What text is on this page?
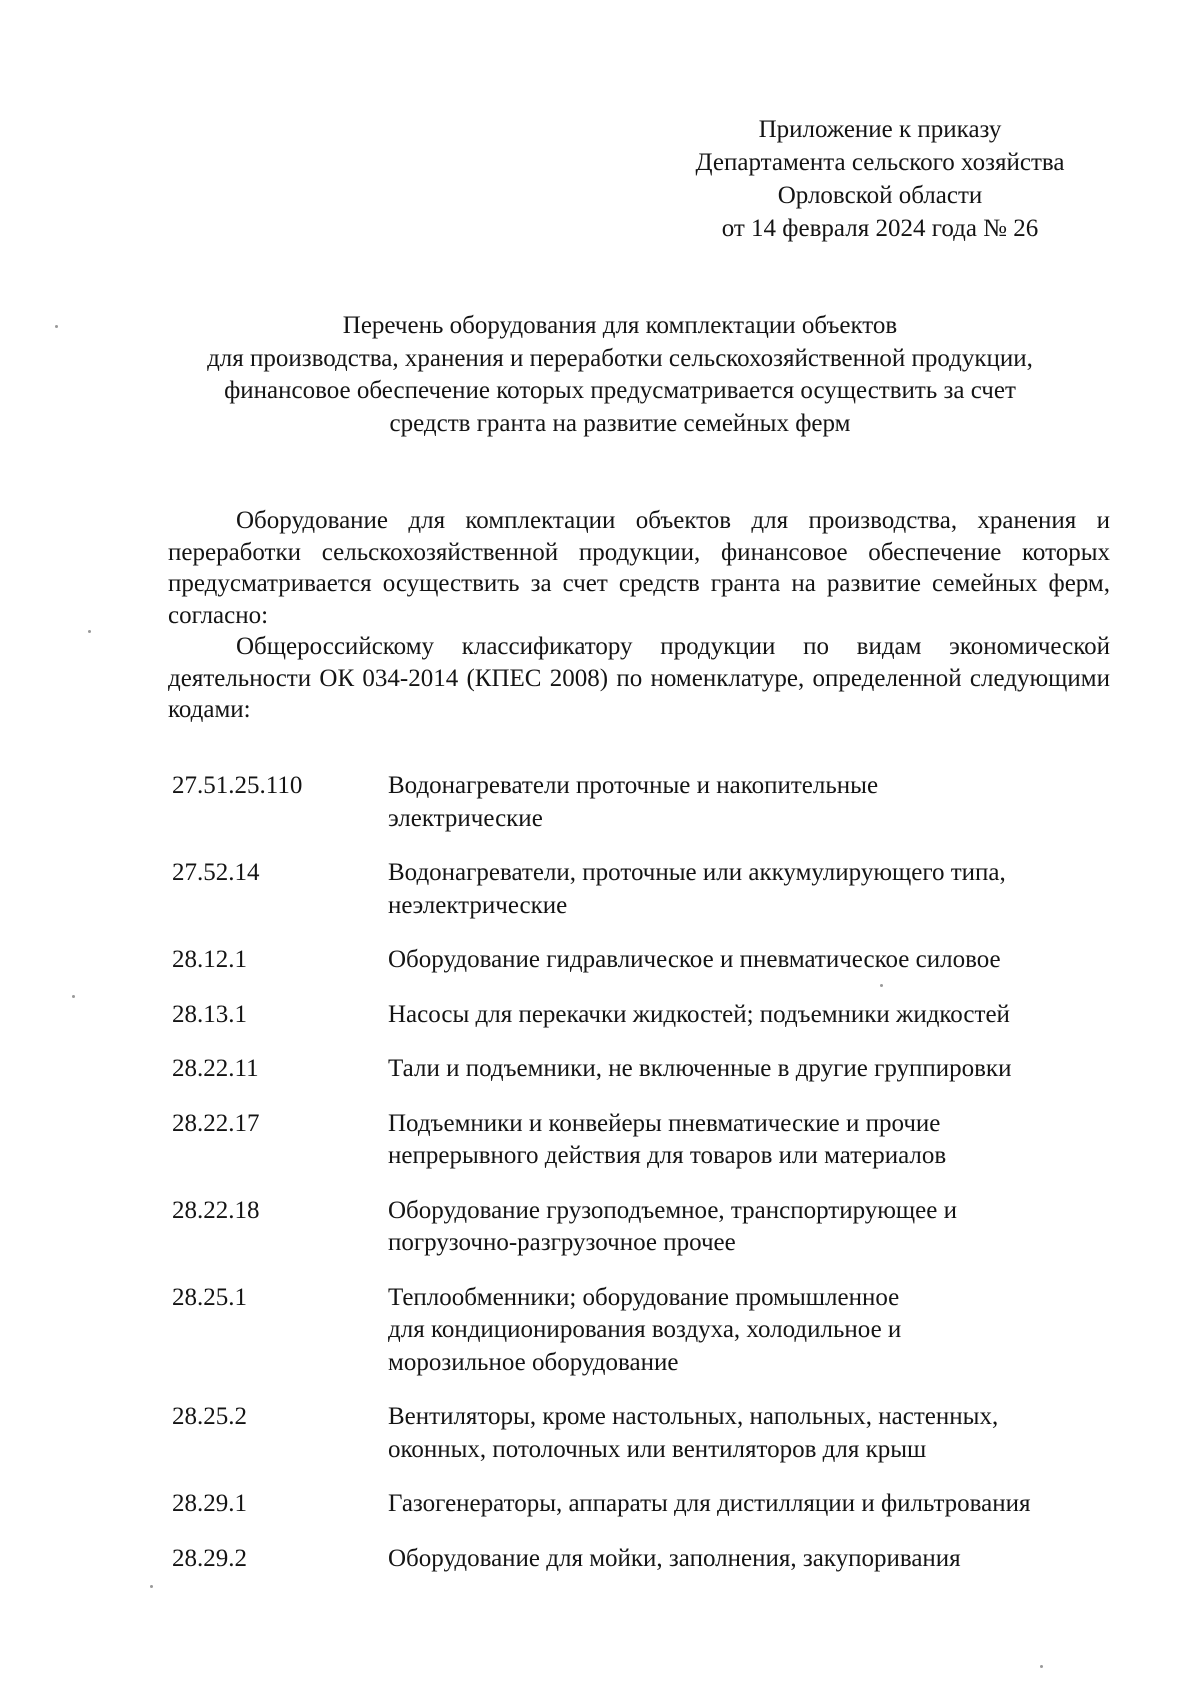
Приложение к приказу
Департамента сельского хозяйства
Орловской области
от 14 февраля 2024 года № 26
Перечень оборудования для комплектации объектов
для производства, хранения и переработки сельскохозяйственной продукции,
финансовое обеспечение которых предусматривается осуществить за счет
средств гранта на развитие семейных ферм

Оборудование для комплектации объектов для производства, хранения и переработки сельскохозяйственной продукции, финансовое обеспечение которых предусматривается осуществить за счет средств гранта на развитие семейных ферм, согласно:

Общероссийскому классификатору продукции по видам экономической деятельности ОК 034-2014 (КПЕС 2008) по номенклатуре, определенной следующими кодами:

27.51.25.110	Водонагреватели проточные и накопительные
электрические
27.52.14	Водонагреватели, проточные или аккумулирующего типа,
неэлектрические
28.12.1	Оборудование гидравлическое и пневматическое силовое
28.13.1	Насосы для перекачки жидкостей; подъемники жидкостей
28.22.11	Тали и подъемники, не включенные в другие группировки
28.22.17	Подъемники и конвейеры пневматические и прочие
непрерывного действия для товаров или материалов
28.22.18	Оборудование грузоподъемное, транспортирующее и
погрузочно-разгрузочное прочее
28.25.1	Теплообменники; оборудование промышленное
для кондиционирования воздуха, холодильное и
морозильное оборудование
28.25.2	Вентиляторы, кроме настольных, напольных, настенных,
оконных, потолочных или вентиляторов для крыш
28.29.1	Газогенераторы, аппараты для дистилляции и фильтрования
28.29.2	Оборудование для мойки, заполнения, закупоривания
